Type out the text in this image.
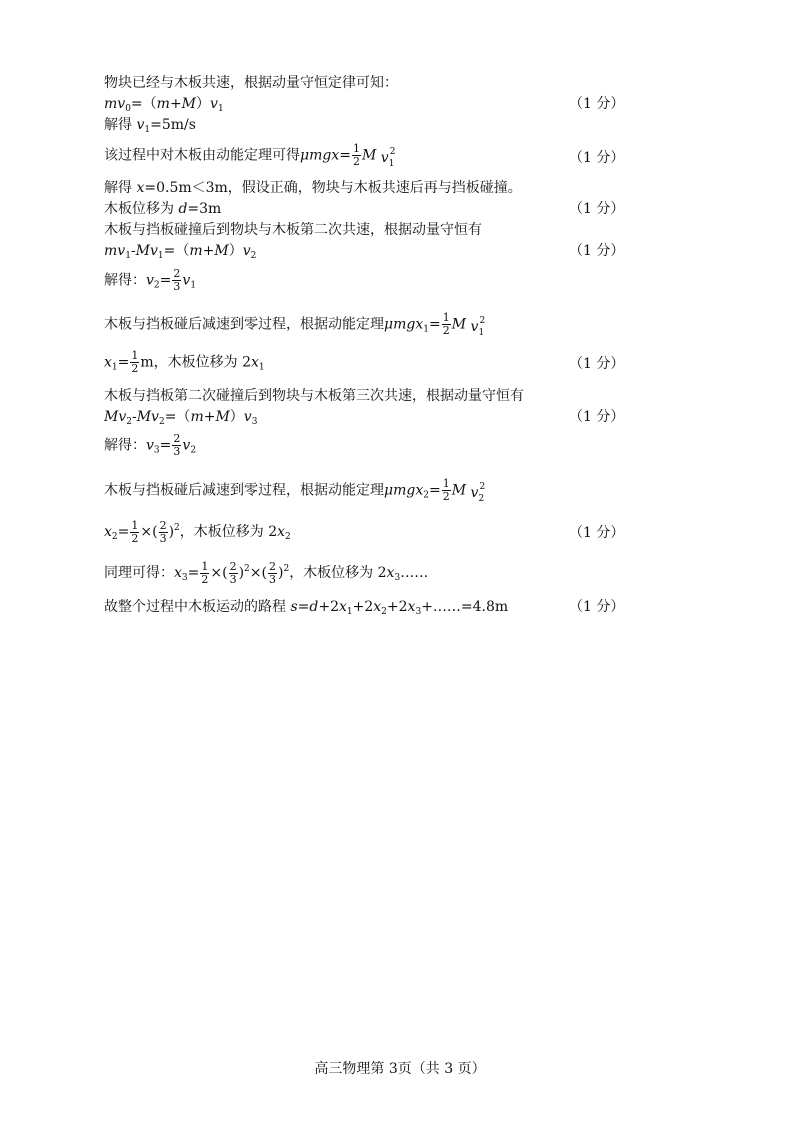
物块已经与木板共速，根据动量守恒定律可知：
$mv_0=(m+M)v_1$	（1 分）
解得 $v_1=5m/s$
该过程中对木板由动能定理可得$\mu mgx= \frac{1}{2}$ M v 2
1	（1 分）
解得 x=0.5m＜3m，假设正确，物块与木板共速后再与挡板碰撞。
木板位移为 d=3m	（1 分）
木板与挡板碰撞后到物块与木板第二次共速，根据动量守恒有
$mv_1-Mv_1=(m+M)v_2$	（1 分）
解得：$v_2= \frac{2}{3} v_1$
木板与挡板碰后减速到零过程，根据动能定理$\mu mgx_1= \frac{1}{2}$ M v 2
1
$x_1= \frac{1}{2}$ m，木板位移为 $2x_1$	（1 分）
木板与挡板第二次碰撞后到物块与木板第三次共速，根据动量守恒有
$Mv_2-Mv_2=(m+M)v_3$	（1 分）
解得：$v_3= \frac{2}{3} v_2$
木板与挡板碰后减速到零过程，根据动能定理$\mu mgx_2= \frac{1}{2}$ M v 2
2
$x_2= \frac{1}{2}$ ×( $\frac{2}{3} )^2$，木板位移为 $2x_2$	（1 分）
同理可得：$x_3= \frac{1}{2}$ ×( $\frac{2}{3} )^2\times( \frac{2}{3} )^2$，木板位移为 $2x_3\dots\dots$
故整个过程中木板运动的路程 $s=d+2x_1+2x_2+2x_3+\dots\dots=4.8m$	（1 分）
高三物理第 3页（共 3 页）
